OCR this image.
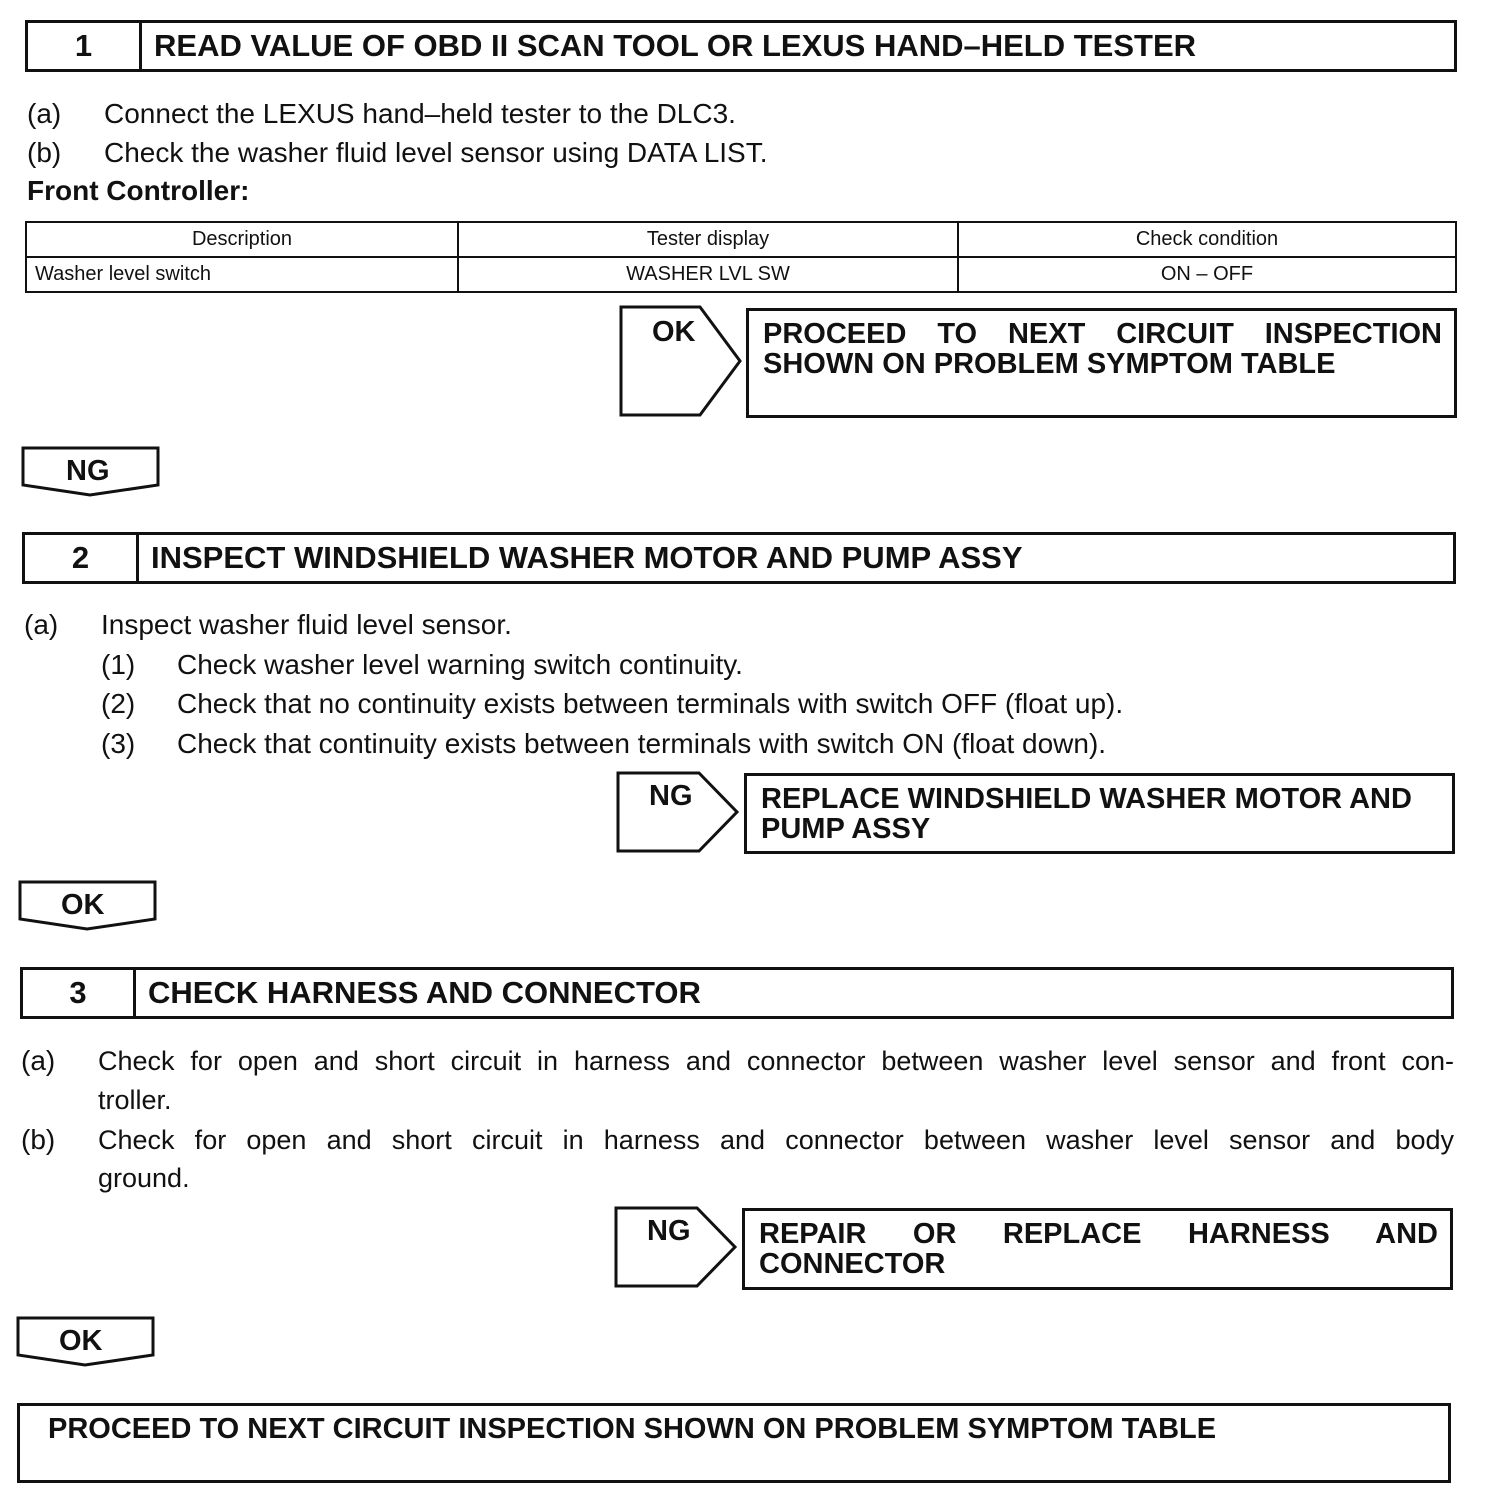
1	READ VALUE OF OBD II SCAN TOOL OR LEXUS HAND–HELD TESTER
(a) Connect the LEXUS hand–held tester to the DLC3.
(b) Check the washer fluid level sensor using DATA LIST.
Front Controller:
Description	Tester display	Check condition
Washer level switch	WASHER LVL SW	ON – OFF
OK PROCEED TO NEXT CIRCUIT INSPECTION
SHOWN ON PROBLEM SYMPTOM TABLE
NG
2	INSPECT WINDSHIELD WASHER MOTOR AND PUMP ASSY
(a) Inspect washer fluid level sensor.
(1) Check washer level warning switch continuity.
(2) Check that no continuity exists between terminals with switch OFF (float up).
(3) Check that continuity exists between terminals with switch ON (float down).
NG REPLACE WINDSHIELD WASHER MOTOR AND
PUMP ASSY
OK
3	CHECK HARNESS AND CONNECTOR
(a) Check for open and short circuit in harness and connector between washer level sensor and front con-
troller.
(b) Check for open and short circuit in harness and connector between washer level sensor and body
ground.
NG REPAIR OR REPLACE HARNESS AND
CONNECTOR
OK
PROCEED TO NEXT CIRCUIT INSPECTION SHOWN ON PROBLEM SYMPTOM TABLE
